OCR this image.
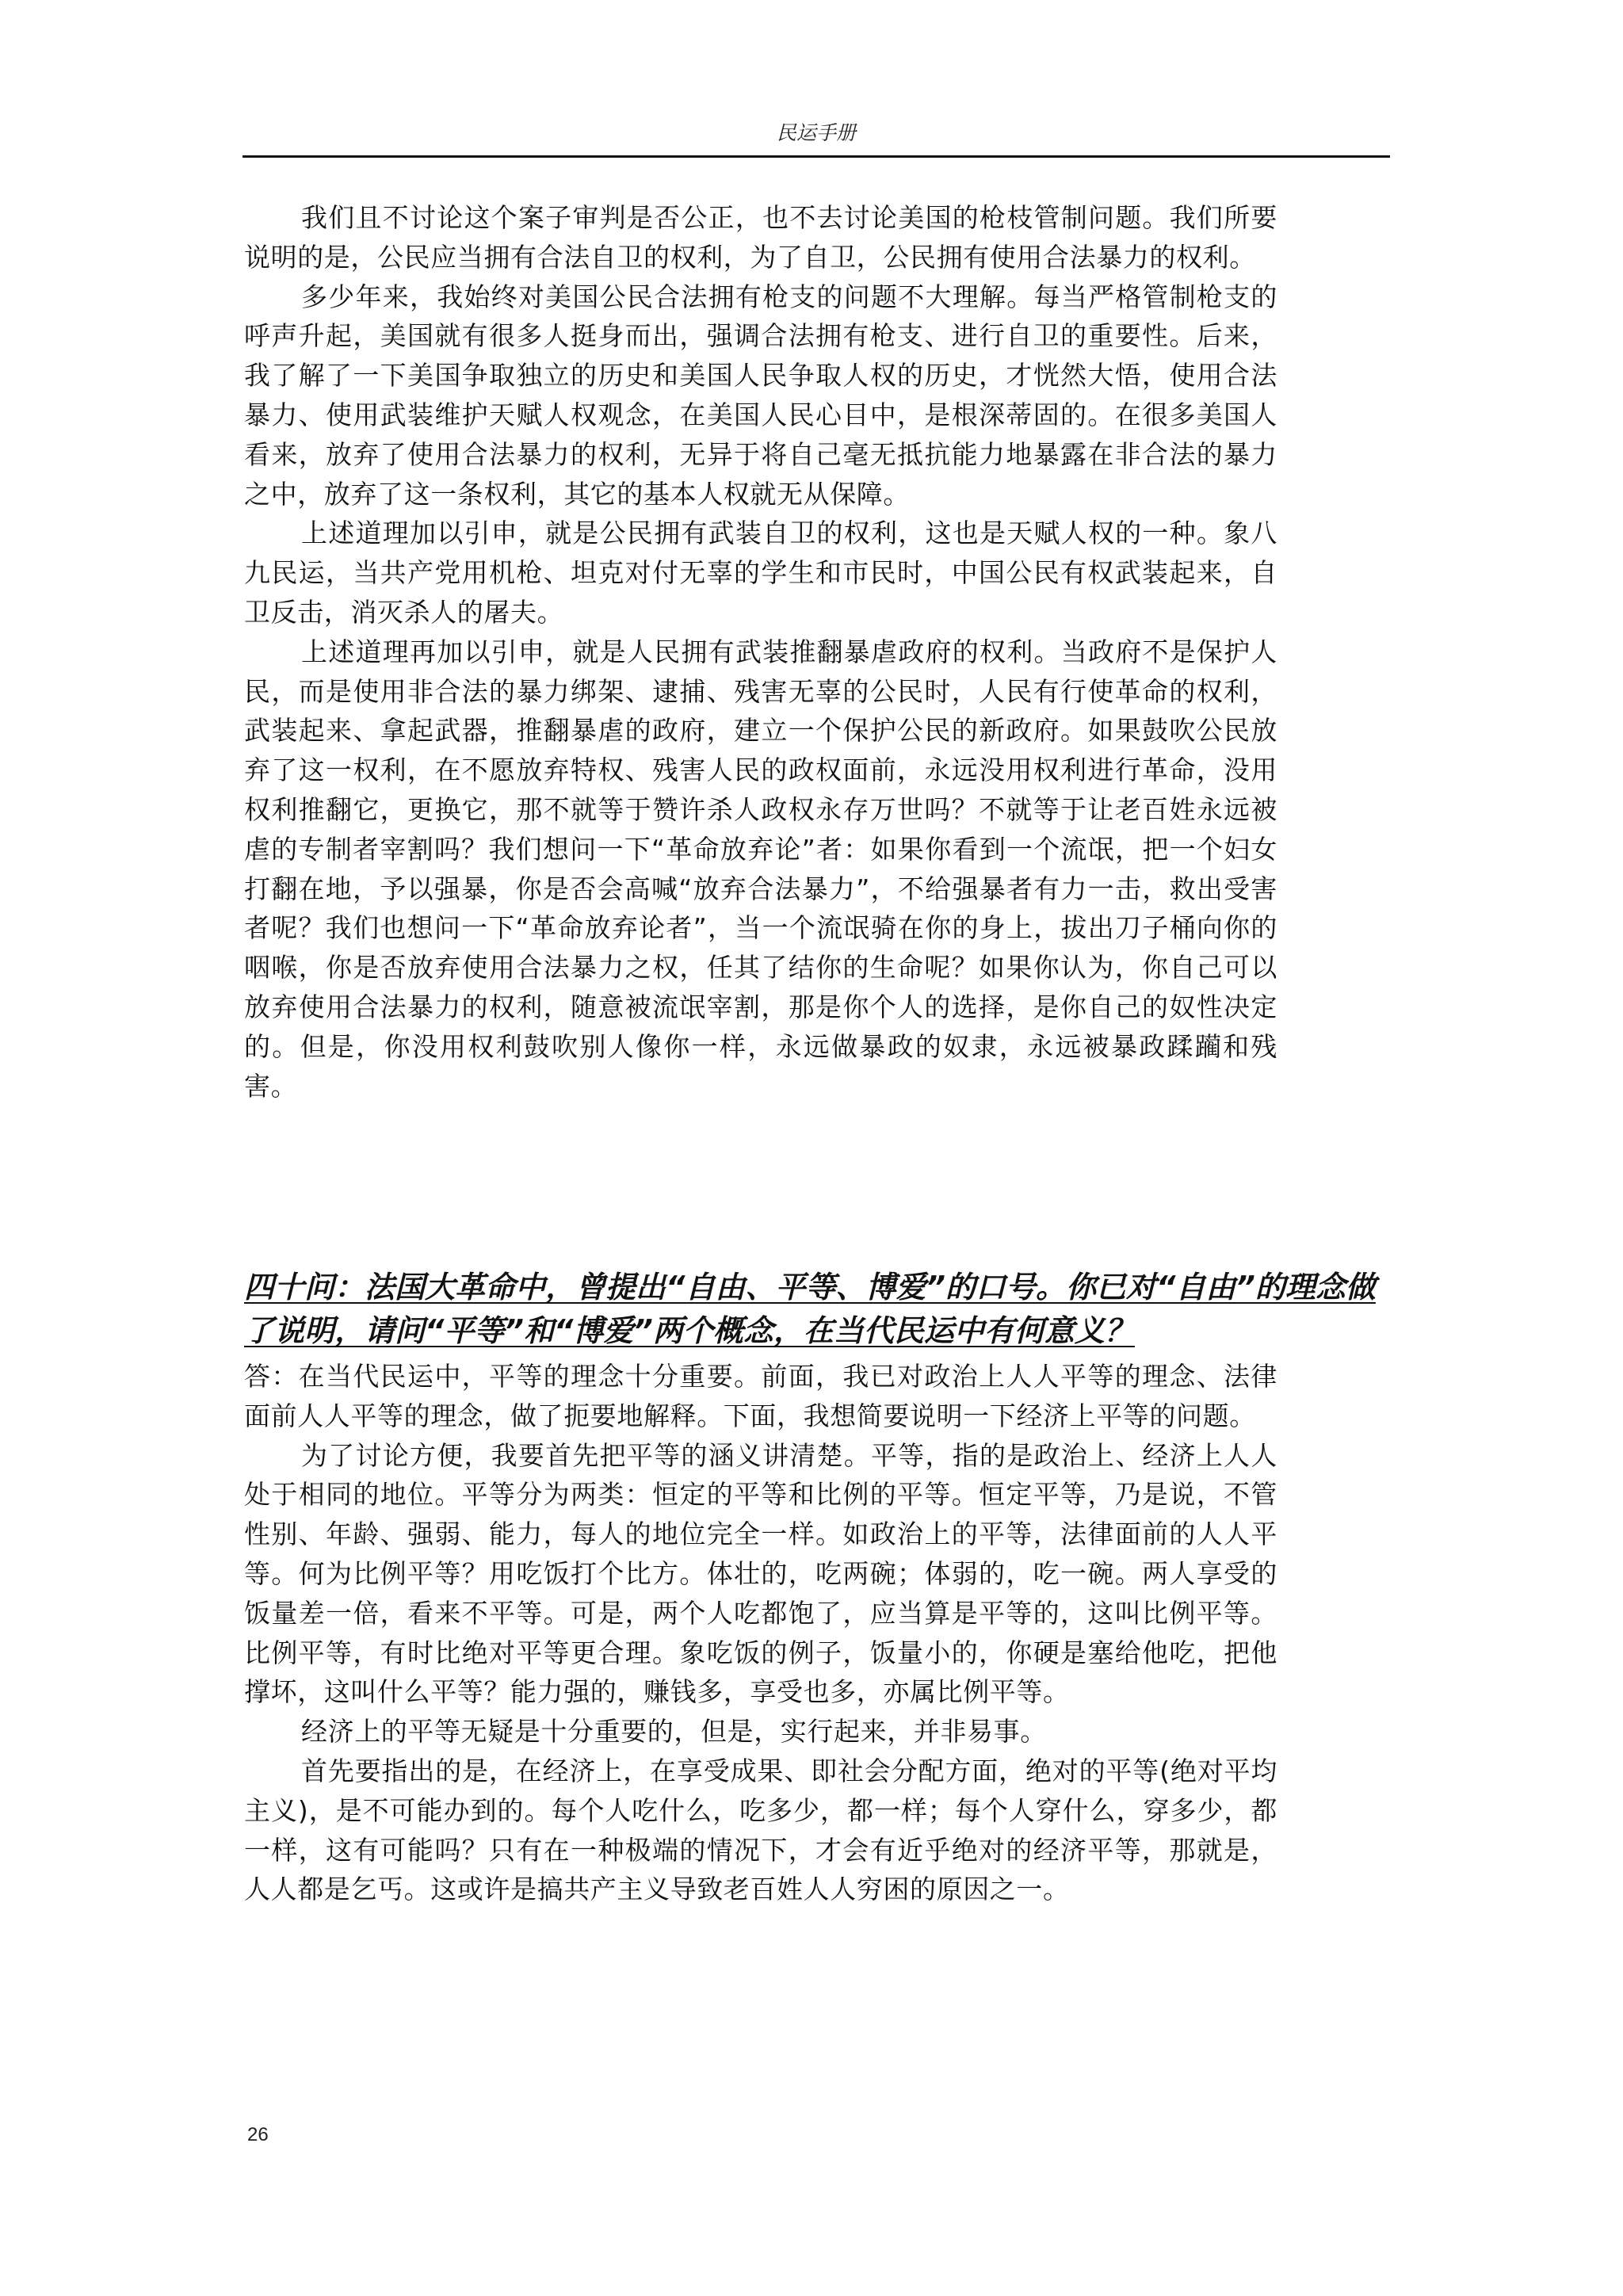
民运手册

我们且不讨论这个案子审判是否公正，也不去讨论美国的枪枝管制问题。我们所要说明的是，公民应当拥有合法自卫的权利，为了自卫，公民拥有使用合法暴力的权利。

多少年来，我始终对美国公民合法拥有枪支的问题不大理解。每当严格管制枪支的呼声升起，美国就有很多人挺身而出，强调合法拥有枪支、进行自卫的重要性。后来，我了解了一下美国争取独立的历史和美国人民争取人权的历史，才恍然大悟，使用合法暴力、使用武装维护天赋人权观念，在美国人民心目中，是根深蒂固的。在很多美国人看来，放弃了使用合法暴力的权利，无异于将自己毫无抵抗能力地暴露在非合法的暴力之中，放弃了这一条权利，其它的基本人权就无从保障。

上述道理加以引申，就是公民拥有武装自卫的权利，这也是天赋人权的一种。象八九民运，当共产党用机枪、坦克对付无辜的学生和市民时，中国公民有权武装起来，自卫反击，消灭杀人的屠夫。

上述道理再加以引申，就是人民拥有武装推翻暴虐政府的权利。当政府不是保护人民，而是使用非合法的暴力绑架、逮捕、残害无辜的公民时，人民有行使革命的权利，武装起来、拿起武器，推翻暴虐的政府，建立一个保护公民的新政府。如果鼓吹公民放弃了这一权利，在不愿放弃特权、残害人民的政权面前，永远没用权利进行革命，没用权利推翻它，更换它，那不就等于赞许杀人政权永存万世吗？不就等于让老百姓永远被虐的专制者宰割吗？我们想问一下“革命放弃论”者：如果你看到一个流氓，把一个妇女打翻在地，予以强暴，你是否会高喊“放弃合法暴力”，不给强暴者有力一击，救出受害者呢？我们也想问一下“革命放弃论者”，当一个流氓骑在你的身上，拔出刀子桶向你的咽喉，你是否放弃使用合法暴力之权，任其了结你的生命呢？如果你认为，你自己可以放弃使用合法暴力的权利，随意被流氓宰割，那是你个人的选择，是你自己的奴性决定的。但是，你没用权利鼓吹别人像你一样，永远做暴政的奴隶，永远被暴政蹂躏和残害。

四十问：法国大革命中，曾提出“自由、平等、博爱”的口号。你已对“自由”的理念做了说明，请问“平等”和“博爱”两个概念，在当代民运中有何意义？

答：在当代民运中，平等的理念十分重要。前面，我已对政治上人人平等的理念、法律面前人人平等的理念，做了扼要地解释。下面，我想简要说明一下经济上平等的问题。

为了讨论方便，我要首先把平等的涵义讲清楚。平等，指的是政治上、经济上人人处于相同的地位。平等分为两类：恒定的平等和比例的平等。恒定平等，乃是说，不管性别、年龄、强弱、能力，每人的地位完全一样。如政治上的平等，法律面前的人人平等。何为比例平等？用吃饭打个比方。体壮的，吃两碗；体弱的，吃一碗。两人享受的饭量差一倍，看来不平等。可是，两个人吃都饱了，应当算是平等的，这叫比例平等。比例平等，有时比绝对平等更合理。象吃饭的例子，饭量小的，你硬是塞给他吃，把他撑坏，这叫什么平等？能力强的，赚钱多，享受也多，亦属比例平等。

经济上的平等无疑是十分重要的，但是，实行起来，并非易事。

首先要指出的是，在经济上，在享受成果、即社会分配方面，绝对的平等(绝对平均主义)，是不可能办到的。每个人吃什么，吃多少，都一样；每个人穿什么，穿多少，都一样，这有可能吗？只有在一种极端的情况下，才会有近乎绝对的经济平等，那就是，人人都是乞丐。这或许是搞共产主义导致老百姓人人穷困的原因之一。

26
